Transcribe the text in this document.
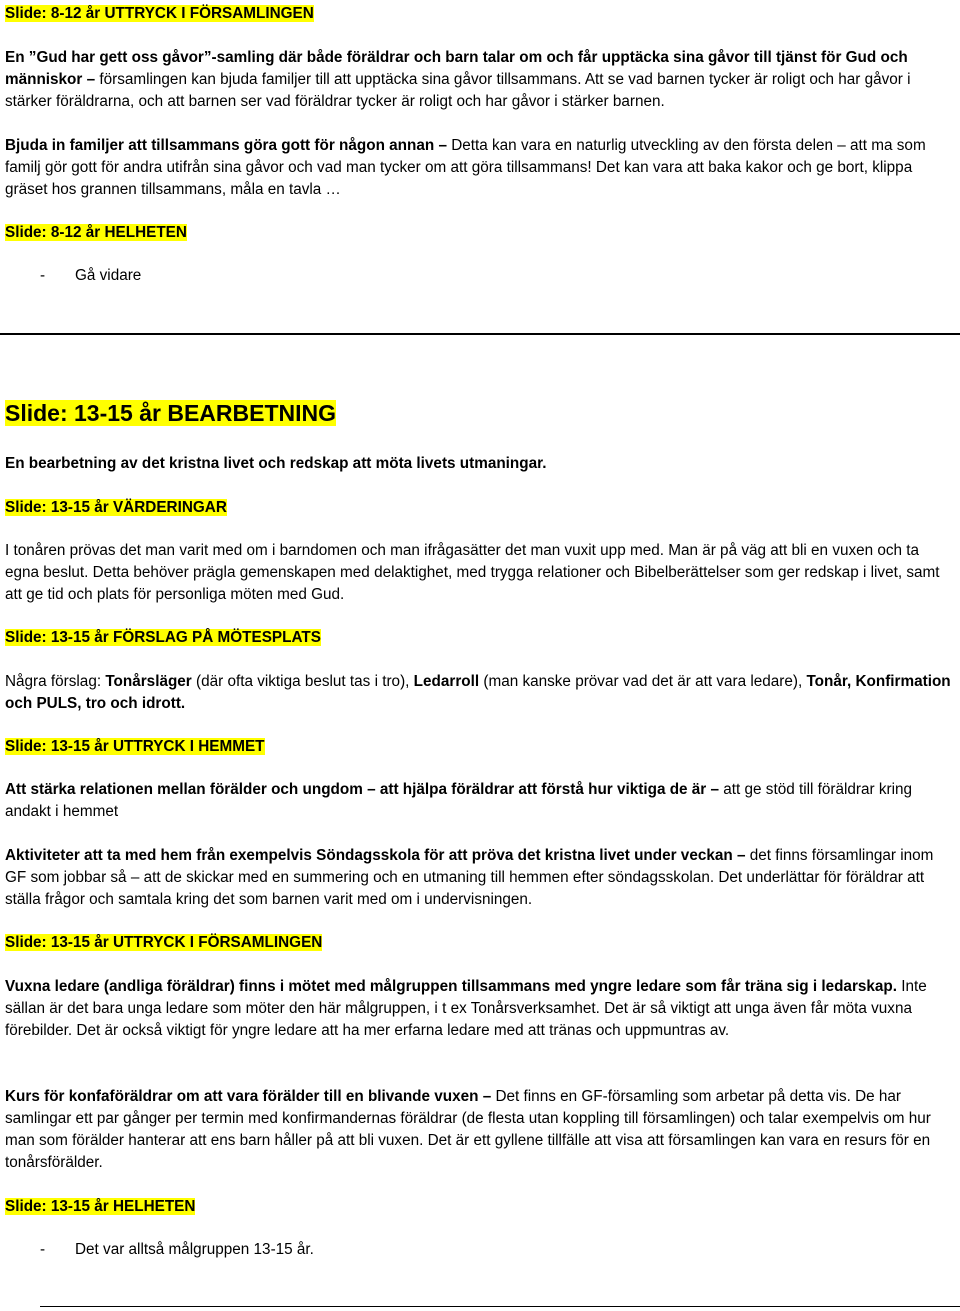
Slide: 8-12 år UTTRYCK I FÖRSAMLINGEN

En ”Gud har gett oss gåvor”-samling där både föräldrar och barn talar om och får upptäcka sina gåvor till tjänst för Gud och människor – församlingen kan bjuda familjer till att upptäcka sina gåvor tillsammans. Att se vad barnen tycker är roligt och har gåvor i stärker föräldrarna, och att barnen ser vad föräldrar tycker är roligt och har gåvor i stärker barnen.

Bjuda in familjer att tillsammans göra gott för någon annan – Detta kan vara en naturlig utveckling av den första delen – att ma som familj gör gott för andra utifrån sina gåvor och vad man tycker om att göra tillsammans! Det kan vara att baka kakor och ge bort, klippa gräset hos grannen tillsammans, måla en tavla …

Slide: 8-12 år HELHETEN

- Gå vidare

Slide: 13-15 år BEARBETNING

En bearbetning av det kristna livet och redskap att möta livets utmaningar.

Slide: 13-15 år VÄRDERINGAR

I tonåren prövas det man varit med om i barndomen och man ifrågasätter det man vuxit upp med. Man är på väg att bli en vuxen och ta egna beslut. Detta behöver prägla gemenskapen med delaktighet, med trygga relationer och Bibelberättelser som ger redskap i livet, samt att ge tid och plats för personliga möten med Gud.

Slide: 13-15 år FÖRSLAG PÅ MÖTESPLATS

Några förslag: Tonårsläger (där ofta viktiga beslut tas i tro), Ledarroll (man kanske prövar vad det är att vara ledare), Tonår, Konfirmation och PULS, tro och idrott.

Slide: 13-15 år UTTRYCK I HEMMET

Att stärka relationen mellan förälder och ungdom – att hjälpa föräldrar att förstå hur viktiga de är – att ge stöd till föräldrar kring andakt i hemmet

Aktiviteter att ta med hem från exempelvis Söndagsskola för att pröva det kristna livet under veckan – det finns församlingar inom GF som jobbar så – att de skickar med en summering och en utmaning till hemmen efter söndagsskolan. Det underlättar för föräldrar att ställa frågor och samtala kring det som barnen varit med om i undervisningen.

Slide: 13-15 år UTTRYCK I FÖRSAMLINGEN

Vuxna ledare (andliga föräldrar) finns i mötet med målgruppen tillsammans med yngre ledare som får träna sig i ledarskap. Inte sällan är det bara unga ledare som möter den här målgruppen, i t ex Tonårsverksamhet. Det är så viktigt att unga även får möta vuxna förebilder. Det är också viktigt för yngre ledare att ha mer erfarna ledare med att tränas och uppmuntras av.

Kurs för konfaföräldrar om att vara förälder till en blivande vuxen – Det finns en GF-församling som arbetar på detta vis. De har samlingar ett par gånger per termin med konfirmandernas föräldrar (de flesta utan koppling till församlingen) och talar exempelvis om hur man som förälder hanterar att ens barn håller på att bli vuxen. Det är ett gyllene tillfälle att visa att församlingen kan vara en resurs för en tonårsförälder.

Slide: 13-15 år HELHETEN

- Det var alltså målgruppen 13-15 år.
